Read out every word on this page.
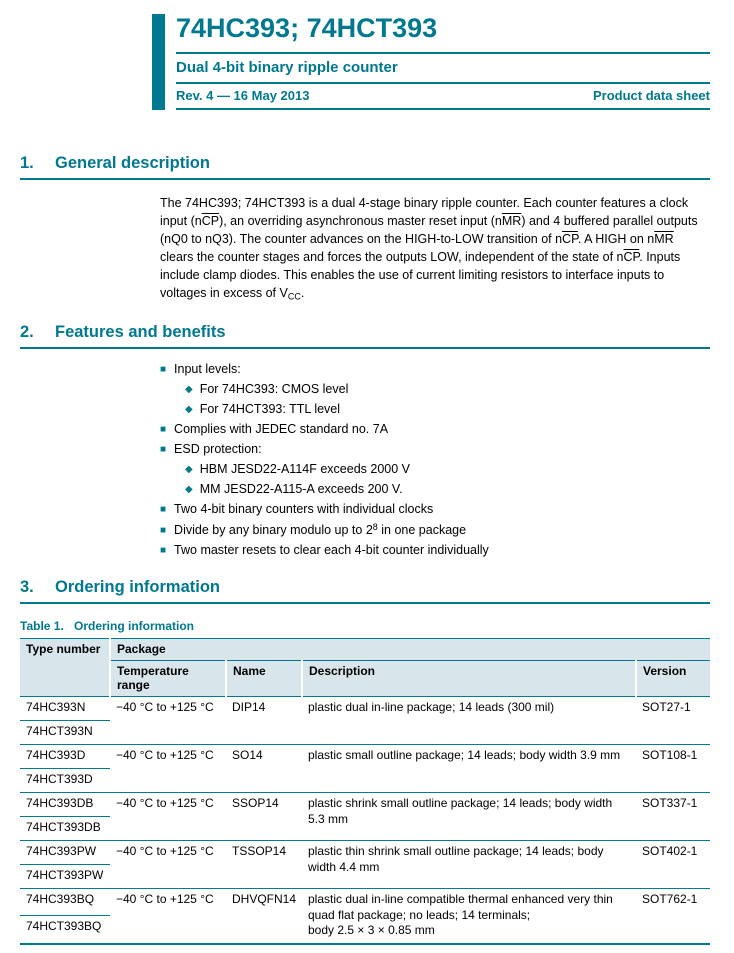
74HC393; 74HCT393
Dual 4-bit binary ripple counter
Rev. 4 — 16 May 2013	Product data sheet
1.	General description

The 74HC393; 74HCT393 is a dual 4-stage binary ripple counter. Each counter features a clock input $(n\overline{CP})$, an overriding asynchronous master reset input $(n\overline{MR})$ and 4 buffered parallel outputs (nQ0 to nQ3). The counter advances on the HIGH-to-LOW transition of $n\overline{CP}$. A HIGH on $n\overline{MR}$ clears the counter stages and forces the outputs LOW, independent of the state of $n\overline{CP}$. Inputs include clamp diodes. This enables the use of current limiting resistors to interface inputs to voltages in excess of VCC.

2.	Features and benefits
■
Input levels:
◆
For 74HC393: CMOS level
◆
For 74HCT393: TTL level
■
Complies with JEDEC standard no. 7A
■
ESD protection:
◆
HBM JESD22-A114F exceeds 2000 V
◆
MM JESD22-A115-A exceeds 200 V.
■
Two 4-bit binary counters with individual clocks
■
Divide by any binary modulo up to $2^8$ in one package
■
Two master resets to clear each 4-bit counter individually
3.	Ordering information
Table 1. Ordering information
Type number	Package			
	Temperature range	Name	Description	Version
74HC393N	−40 °C to +125 °C	DIP14	plastic dual in-line package; 14 leads (300 mil)	SOT27-1
74HCT393N				
74HC393D	−40 °C to +125 °C	SO14	plastic small outline package; 14 leads; body width 3.9 mm	SOT108-1
74HCT393D				
74HC393DB	−40 °C to +125 °C	SSOP14	plastic shrink small outline package; 14 leads; body width 5.3 mm	SOT337-1
74HCT393DB				
74HC393PW	−40 °C to +125 °C	TSSOP14	plastic thin shrink small outline package; 14 leads; body width 4.4 mm	SOT402-1
74HCT393PW				
74HC393BQ	−40 °C to +125 °C	DHVQFN14	plastic dual in-line compatible thermal enhanced very thin quad flat package; no leads; 14 terminals;
body 2.5 × 3 × 0.85 mm	SOT762-1
74HCT393BQ				
